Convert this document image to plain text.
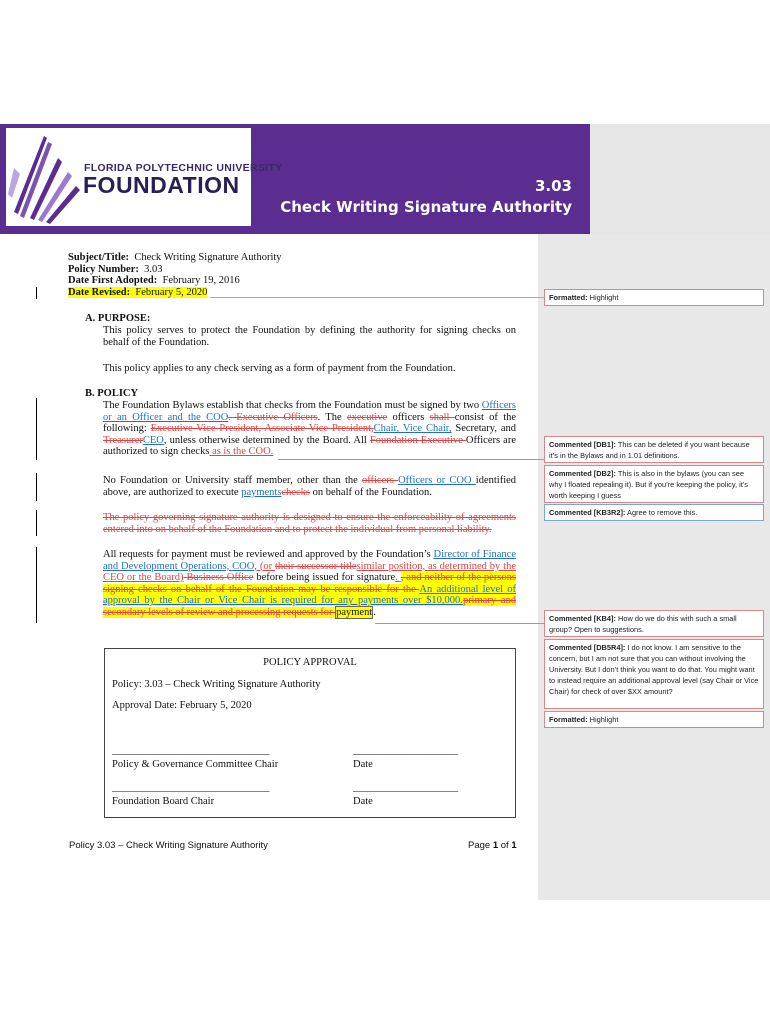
FLORIDA POLYTECHNIC UNIVERSITY
FOUNDATION	3.03
Check Writing Signature Authority
Subject/Title: Check Writing Signature Authority
Policy Number: 3.03
Date First Adopted: February 19, 2016
Date Revised: February 5, 2020
A. PURPOSE:
This policy serves to protect the Foundation by defining the authority for signing checks on behalf of the Foundation.
This policy applies to any check serving as a form of payment from the Foundation.
B. POLICY
The Foundation Bylaws establish that checks from the Foundation must be signed by two Officers or an Officer and the COO. Executive Officers. The executive officers shall consist of the following: Executive Vice President, Associate Vice President,Chair, Vice Chair, Secretary, and TreasurerCEO, unless otherwise determined by the Board. All Foundation Executive Officers are authorized to sign checks as is the COO.
No Foundation or University staff member, other than the officers Officers or COO identified above, are authorized to execute paymentschecks on behalf of the Foundation.
The policy governing signature authority is designed to ensure the enforceability of agreements entered into on behalf of the Foundation and to protect the individual from personal liability.
All requests for payment must be reviewed and approved by the Foundation’s Director of Finance and Development Operations, COO, (or their successor titlesimilar position, as determined by the CEO or the Board) Business Office before being issued for signature. , and neither of the persons signing checks on behalf of the Foundation may be responsible for the An additional level of approval by the Chair or Vice Chair is required for any payments over $10,000.primary and secondary levels of review and processing requests for payment.
POLICY APPROVAL
Policy: 3.03 – Check Writing Signature Authority
Approval Date: February 5, 2020
______________________________
Policy & Governance Committee Chair
____________________
Date
______________________________
Foundation Board Chair
____________________
Date
Policy 3.03 – Check Writing Signature Authority	Page 1 of 1
Formatted: Highlight
Commented [DB1]: This can be deleted if you want because it’s in the Bylaws and in 1.01 definitions.
Commented [DB2]: This is also in the bylaws (you can see why I floated repealing it). But if you’re keeping the policy, it’s worth keeping I guess
Commented [KB3R2]: Agree to remove this.
Commented [KB4]: How do we do this with such a small group? Open to suggestions.
Commented [DB5R4]: I do not know. I am sensitive to the concern, but I am not sure that you can without involving the University. But I don’t think you want to do that. You might want to instead require an additional approval level (say Chair or Vice Chair) for check of over $XX amount?
Formatted: Highlight
